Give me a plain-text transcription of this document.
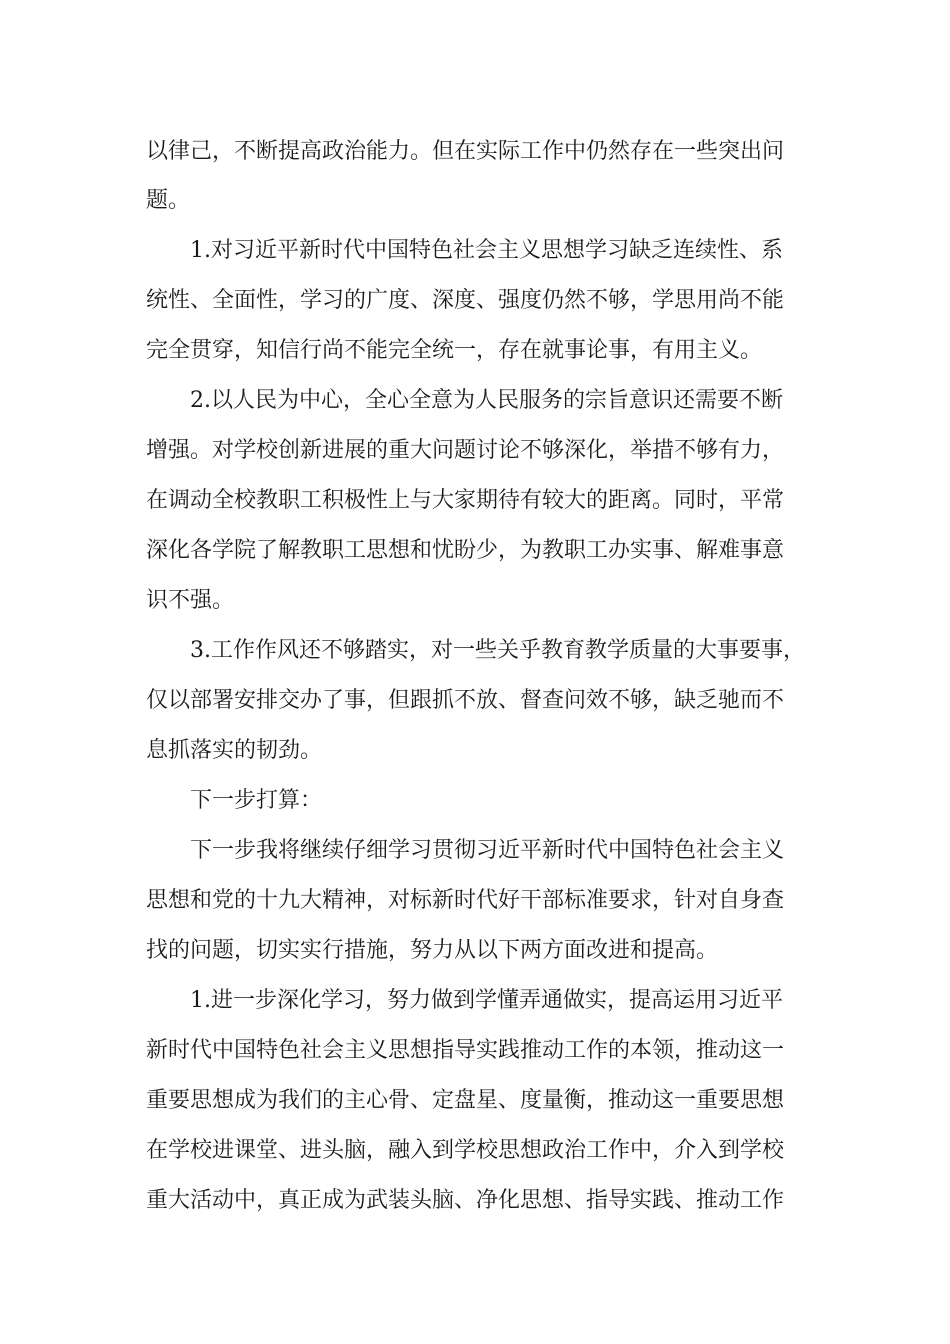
以律己，不断提高政治能力。但在实际工作中仍然存在一些突出问

题。

1.对习近平新时代中国特色社会主义思想学习缺乏连续性、系

统性、全面性，学习的广度、深度、强度仍然不够，学思用尚不能

完全贯穿，知信行尚不能完全统一，存在就事论事，有用主义。

2.以人民为中心，全心全意为人民服务的宗旨意识还需要不断

增强。对学校创新进展的重大问题讨论不够深化，举措不够有力，

在调动全校教职工积极性上与大家期待有较大的距离。同时，平常

深化各学院了解教职工思想和忧盼少，为教职工办实事、解难事意

识不强。

3.工作作风还不够踏实，对一些关乎教育教学质量的大事要事，

仅以部署安排交办了事，但跟抓不放、督查问效不够，缺乏驰而不

息抓落实的韧劲。

下一步打算：

下一步我将继续仔细学习贯彻习近平新时代中国特色社会主义

思想和党的十九大精神，对标新时代好干部标准要求，针对自身查

找的问题，切实实行措施，努力从以下两方面改进和提高。

1.进一步深化学习，努力做到学懂弄通做实，提高运用习近平

新时代中国特色社会主义思想指导实践推动工作的本领，推动这一

重要思想成为我们的主心骨、定盘星、度量衡，推动这一重要思想

在学校进课堂、进头脑，融入到学校思想政治工作中，介入到学校

重大活动中，真正成为武装头脑、净化思想、指导实践、推动工作
